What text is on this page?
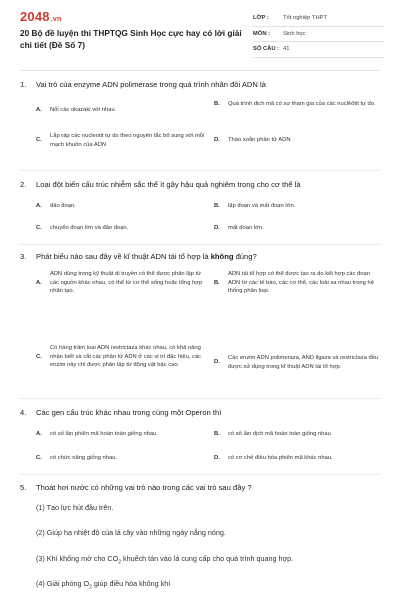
2048.vn
20 Bộ đề luyện thi THPTQG Sinh Học cực hay có lời giải chi tiết (Đề Số 7)
LỚP :	Tốt nghiệp THPT
MÔN :	Sinh học
SỐ CÂU : 41
1.	Vai trò của enzyme ADN polimerase trong quá trình nhân đôi ADN là
A.	Nối các okazaki với nhau
B.	Quá trình dịch mã có sự tham gia của các nuclêôtit tự do.
C.
Lắp ráp các nucleotit tự do theo nguyên tắc bổ sung với mỗi mạch khuôn của ADN
D.	Tháo xoắn phân tử ADN
2.	Loại đột biến cấu trúc nhiễm sắc thể ít gây hậu quả nghiêm trọng cho cơ thể là
A.	đảo đoạn.	B.	lặp đoạn và mất đoạn lớn.
C.	chuyển đoạn lớn và đảo đoạn.	D.	mất đoạn lớn.
3.	Phát biểu nào sau đây về kĩ thuật ADN tái tổ hợp là không đúng?
A.
ADN dùng trong kỹ thuật di truyền có thể được phân lập từ các nguồn khác nhau, có thể từ cơ thể sống hoặc tổng hợp nhân tạo.
B.
ADN tái tổ hợp có thể được tạo ra do kết hợp các đoạn ADN từ các tế bào, các cơ thể, các loài xa nhau trong hệ thống phân loại.
C.
Có hàng trăm loại ADN restrictaza khác nhau, có khả năng nhận biết và cắt các phân tử ADN ở các vị trí đặc hiệu, các enzim này chỉ được phân lập từ động vật bậc cao.	D.
Các enzim ADN polimeraza, AND ligaza và restrictaza đều được sử dụng trong kĩ thuật ADN tái tổ hợp.
4.	Các gen cấu trúc khác nhau trong cùng một Operon thì
A.	có số lần phiên mã hoàn toàn giống nhau.	B.	có số lần dịch mã hoàn toàn giống nhau
C.	có chức năng giống nhau.	D.	có cơ chế điều hòa phiên mã khác nhau.
5.	Thoát hơi nước có những vai trò nào trong các vai trò sau đây ?
(1) Tạo lực hút đầu trên.
(2) Giúp hạ nhiệt độ của lá cây vào những ngày nắng nóng.
(3) Khí khổng mở cho $CO_2$ khuếch tán vào lá cung cấp cho quá trình quang hợp.
(4) Giải phóng $O_2$ giúp điều hòa không khí
